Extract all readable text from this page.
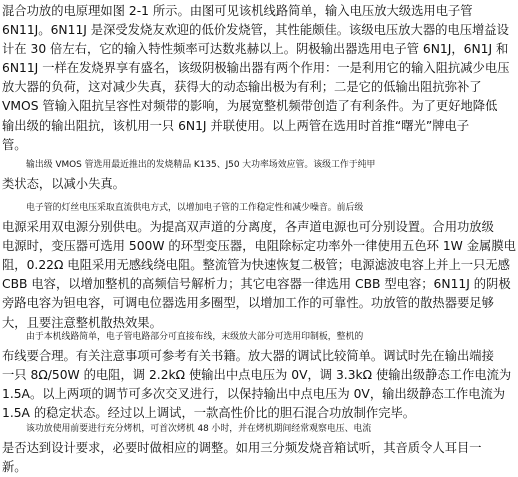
混合功放的电原理如图 2-1 所示。由图可见该机线路简单，输入电压放大级选用电子管
6N11J。6N11J 是深受发烧友欢迎的低价发烧管，其性能颇佳。该级电压放大器的电压增益设
计在 30 倍左右，它的输入特性频率可达数兆赫以上。阴极输出器选用电子管 6N1J，6N1J 和
6N11J 一样在发烧界享有盛名，该级阴极输出器有两个作用：一是利用它的输入阻抗减少电压
放大器的负荷，这对减少失真，获得大的动态输出极为有利；二是它的低输出阻抗弥补了
VMOS 管输入阻抗呈容性对频带的影响，为展宽整机频带创造了有利条件。为了更好地降低
输出级的输出阻抗，该机用一只 6N1J 并联使用。以上两管在选用时首推“曙光”牌电子
管。
输出级 VMOS 管选用最近推出的发烧精品 K135、J50 大功率场效应管。该级工作于纯甲
类状态，以减小失真。
电子管的灯丝电压采取直流供电方式，以增加电子管的工作稳定性和减少噪音。前后级
电源采用双电源分别供电。为提高双声道的分离度，各声道电源也可分别设置。合用功放级
电源时，变压器可选用 500W 的环型变压器，电阻除标定功率外一律使用五色环 1W 金属膜电
阻，0.22Ω 电阻采用无感线绕电阻。整流管为快速恢复二极管；电源滤波电容上并上一只无感
CBB 电容，以增加整机的高频信号解析力；其它电容器一律选用 CBB 型电容；6N11J 的阴极
旁路电容为钽电容，可调电位器选用多圈型，以增加工作的可靠性。功放管的散热器要足够
大，且要注意整机散热效果。
由于本机线路简单，电子管电路部分可直接布线，末级放大部分可选用印制板，整机的
布线要合理。有关注意事项可参考有关书籍。放大器的调试比较简单。调试时先在输出端接
一只 8Ω/50W 的电阻，调 2.2kΩ 使输出中点电压为 0V，调 3.3kΩ 使输出级静态工作电流为
1.5A。以上两项的调节可多次交叉进行，以保持输出中点电压为 0V，输出级静态工作电流为
1.5A 的稳定状态。经过以上调试，一款高性价比的胆石混合功放制作完毕。
该功放使用前要进行充分烤机，可首次烤机 48 小时，并在烤机期间经常观察电压、电流
是否达到设计要求，必要时做相应的调整。如用三分频发烧音箱试听，其音质令人耳目一
新。
